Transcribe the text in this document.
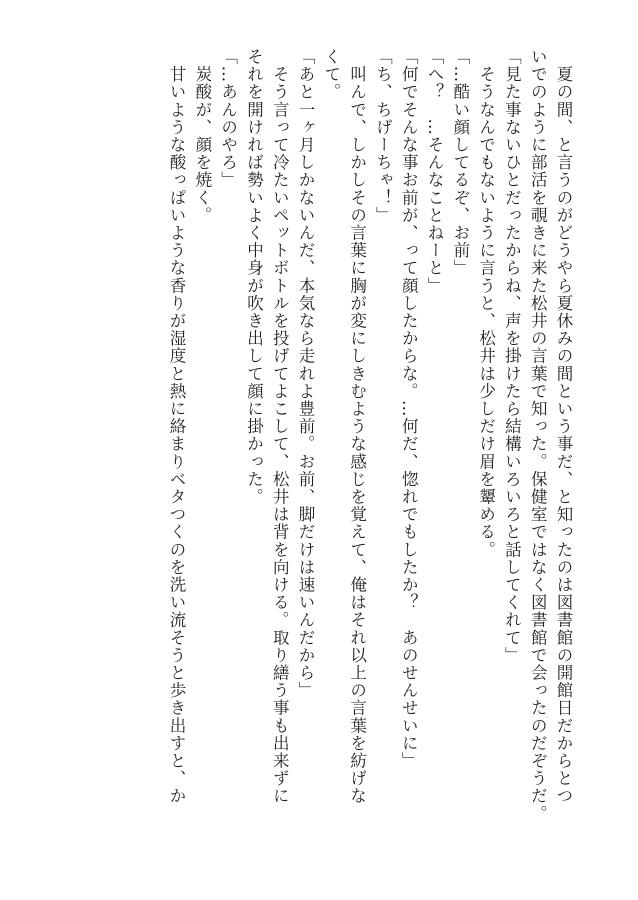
　夏の間、と言うのがどうやら夏休みの間という事だ、と知ったのは図書館の開館日だからとつ
いでのように部活を覗きに来た松井の言葉で知った。保健室ではなく図書館で会ったのだぞうだ。
「見た事ないひとだったからね、声を掛けたら結構いろいろと話してくれて」
　そうなんでもないように言うと、松井は少しだけ眉を顰める。
「…酷い顔してるぞ、お前」
「へ？　…そんなことねーと」
「何でそんな事お前が、って顔したからな。…何だ、惚れでもしたか？　あのせんせいに」
「ち、ちげーちゃ！」
　叫んで、しかしその言葉に胸が変にしきむような感じを覚えて、俺はそれ以上の言葉を紡げな
くて。
「あと一ヶ月しかないんだ、本気なら走れよ豊前。お前、脚だけは速いんだから」
　そう言って冷たいペットボトルを投げてよこして、松井は背を向ける。取り繕う事も出来ずに
それを開ければ勢いよく中身が吹き出して顔に掛かった。
「…あんのやろ」
　炭酸が、顔を焼く。
　甘いような酸っぱいような香りが湿度と熱に絡まりベタつくのを洗い流そうと歩き出すと、か
